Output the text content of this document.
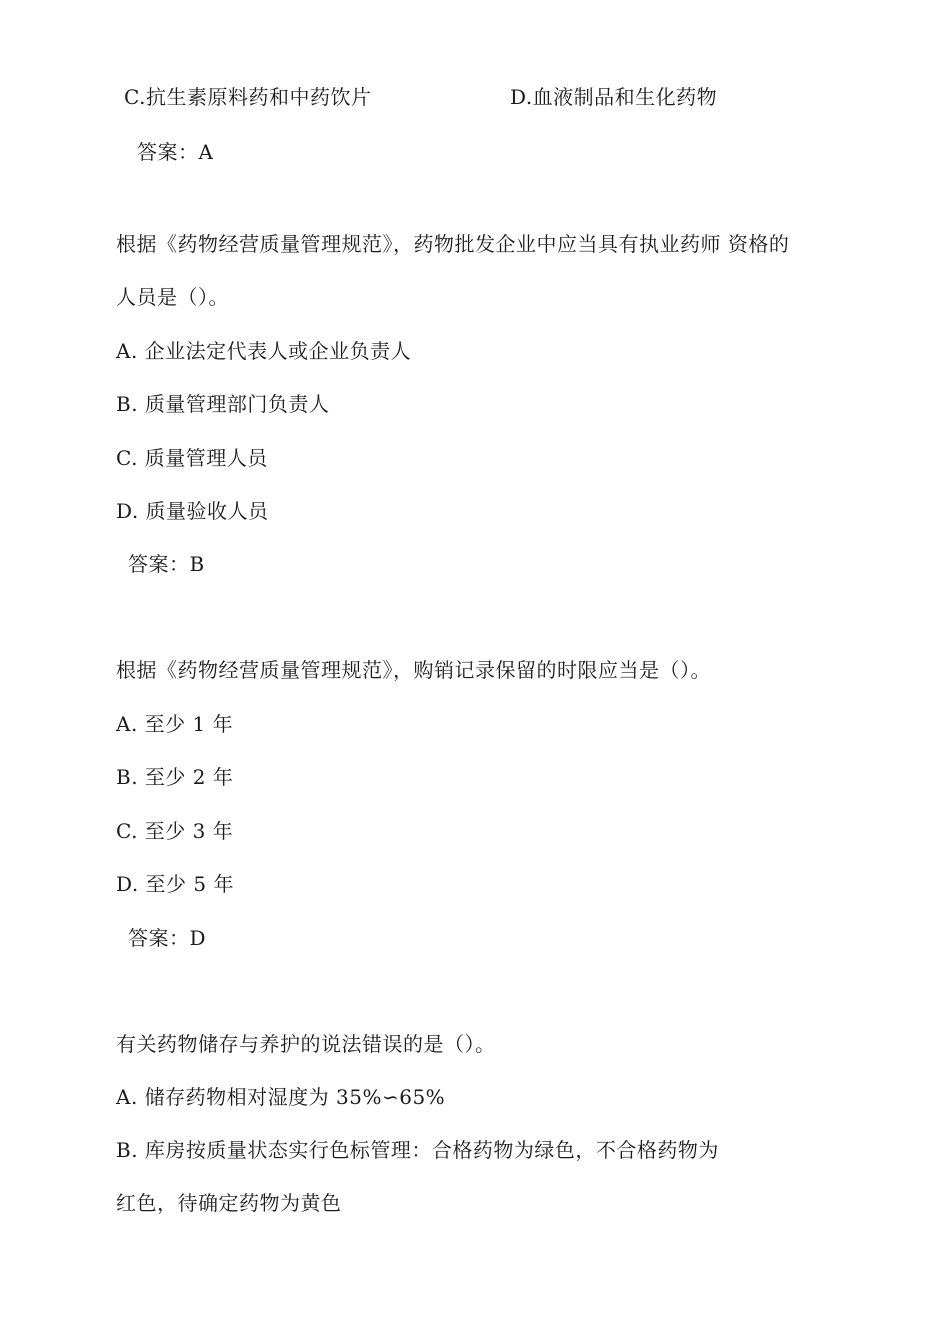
C.抗生素原料药和中药饮片	D.血液制品和生化药物
答案：A
根据《药物经营质量管理规范》，药物批发企业中应当具有执业药师 资格的
人员是（）。
A. 企业法定代表人或企业负责人
B. 质量管理部门负责人
C. 质量管理人员
D. 质量验收人员
答案：B
根据《药物经营质量管理规范》，购销记录保留的时限应当是（）。
A. 至少 1 年
B. 至少 2 年
C. 至少 3 年
D. 至少 5 年
答案：D
有关药物储存与养护的说法错误的是（）。
A. 储存药物相对湿度为 35%∽65%
B. 库房按质量状态实行色标管理：合格药物为绿色，不合格药物为
红色，待确定药物为黄色
